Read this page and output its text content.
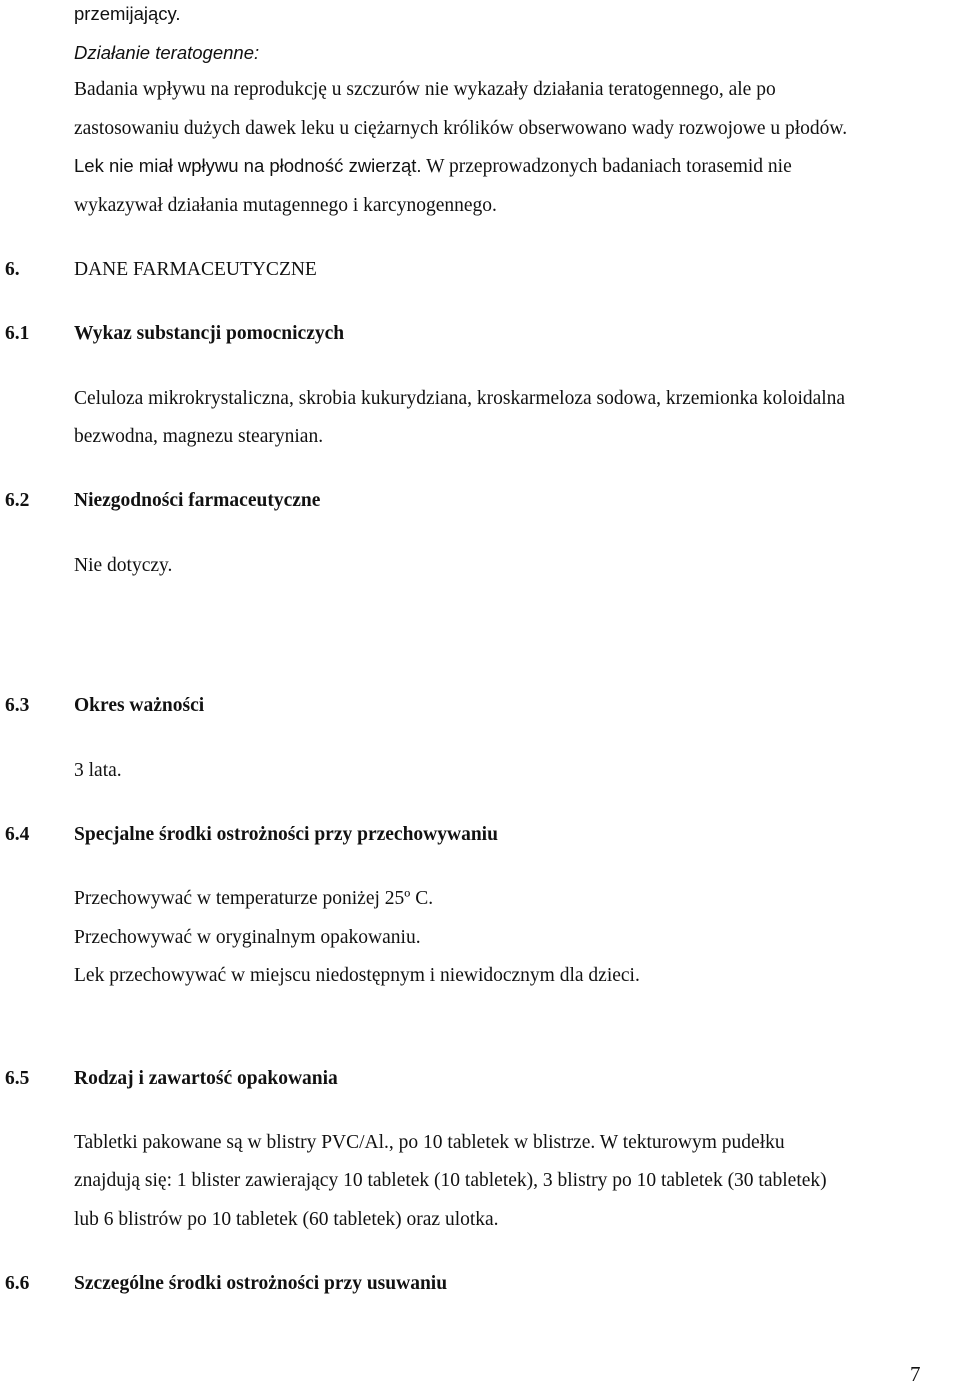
przemijający.
Działanie teratogenne:
Badania wpływu na reprodukcję u szczurów nie wykazały działania teratogennego, ale po
zastosowaniu dużych dawek leku u ciężarnych królików obserwowano wady rozwojowe u płodów.
Lek nie miał wpływu na płodność zwierząt. W przeprowadzonych badaniach torasemid nie
wykazywał działania mutagennego i karcynogennego.
6.	DANE FARMACEUTYCZNE
6.1 Wykaz substancji pomocniczych
Celuloza mikrokrystaliczna, skrobia kukurydziana, kroskarmeloza sodowa, krzemionka koloidalna
bezwodna, magnezu stearynian.
6.2 Niezgodności farmaceutyczne
Nie dotyczy.
6.3 Okres ważności
3 lata.
6.4 Specjalne środki ostrożności przy przechowywaniu
Przechowywać w temperaturze poniżej 25º C.
Przechowywać w oryginalnym opakowaniu.
Lek przechowywać w miejscu niedostępnym i niewidocznym dla dzieci.
6.5 Rodzaj i zawartość opakowania
Tabletki pakowane są w blistry PVC/Al., po 10 tabletek w blistrze. W tekturowym pudełku
znajdują się: 1 blister zawierający 10 tabletek (10 tabletek), 3 blistry po 10 tabletek (30 tabletek)
lub 6 blistrów po 10 tabletek (60 tabletek) oraz ulotka.
6.6 Szczególne środki ostrożności przy usuwaniu
7
